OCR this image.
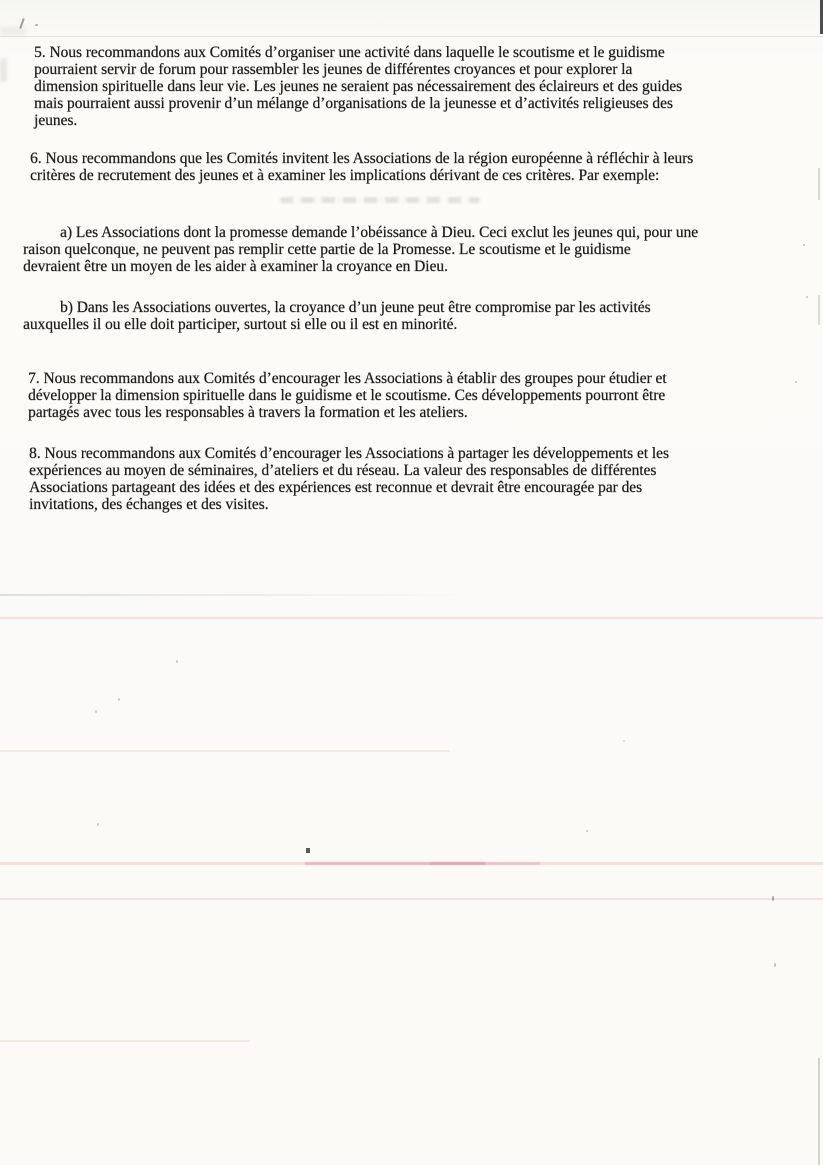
5. Nous recommandons aux Comités d’organiser une activité dans laquelle le scoutisme et le guidisme
pourraient servir de forum pour rassembler les jeunes de différentes croyances et pour explorer la
dimension spirituelle dans leur vie. Les jeunes ne seraient pas nécessairement des éclaireurs et des guides
mais pourraient aussi provenir d’un mélange d’organisations de la jeunesse et d’activités religieuses des
jeunes.
6. Nous recommandons que les Comités invitent les Associations de la région européenne à réfléchir à leurs
critères de recrutement des jeunes et à examiner les implications dérivant de ces critères. Par exemple:
a) Les Associations dont la promesse demande l’obéissance à Dieu. Ceci exclut les jeunes qui, pour une
raison quelconque, ne peuvent pas remplir cette partie de la Promesse. Le scoutisme et le guidisme
devraient être un moyen de les aider à examiner la croyance en Dieu.
b) Dans les Associations ouvertes, la croyance d’un jeune peut être compromise par les activités
auxquelles il ou elle doit participer, surtout si elle ou il est en minorité.
7. Nous recommandons aux Comités d’encourager les Associations à établir des groupes pour étudier et
développer la dimension spirituelle dans le guidisme et le scoutisme. Ces développements pourront être
partagés avec tous les responsables à travers la formation et les ateliers.
8. Nous recommandons aux Comités d’encourager les Associations à partager les développements et les
expériences au moyen de séminaires, d’ateliers et du réseau. La valeur des responsables de différentes
Associations partageant des idées et des expériences est reconnue et devrait être encouragée par des
invitations, des échanges et des visites.
